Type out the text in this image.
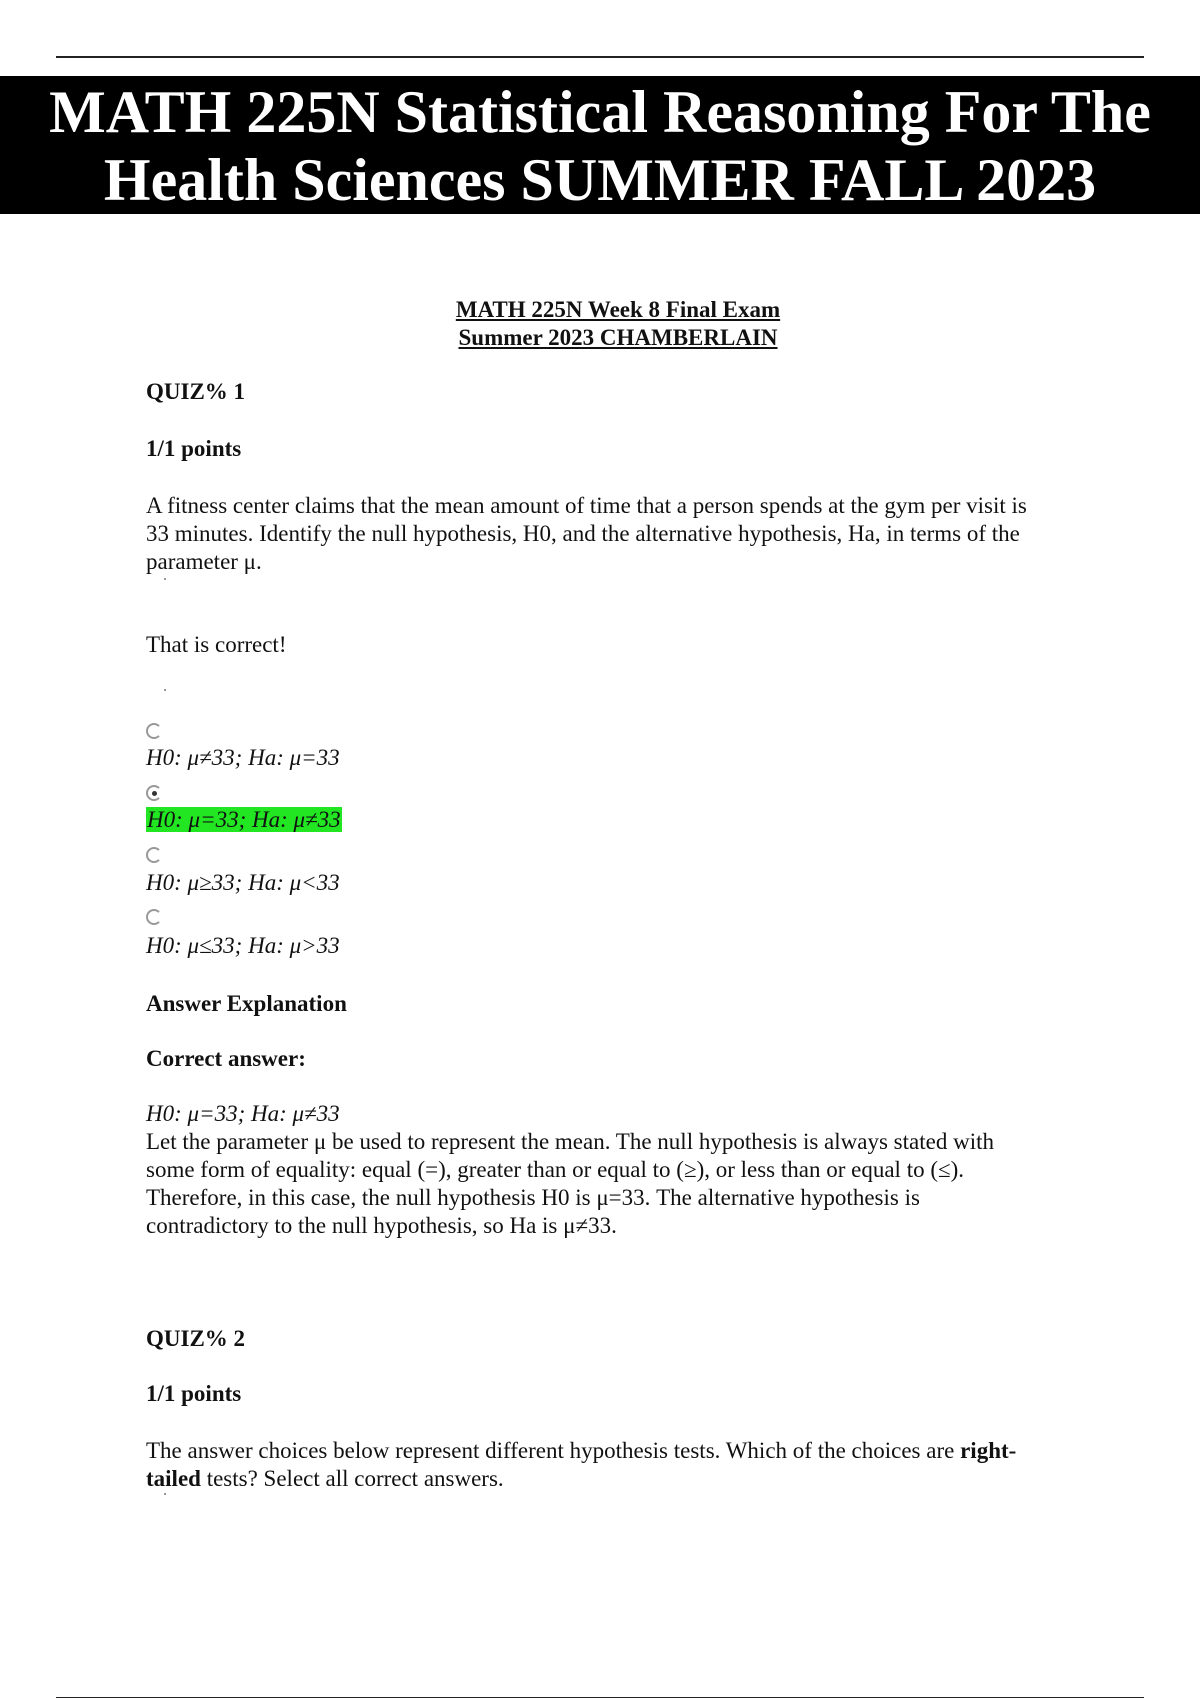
MATH 225N Statistical Reasoning For The
Health Sciences SUMMER FALL 2023
MATH 225N Week 8 Final Exam
Summer 2023 CHAMBERLAIN
QUIZ% 1
1/1 points
A fitness center claims that the mean amount of time that a person spends at the gym per visit is
33 minutes. Identify the null hypothesis, H0, and the alternative hypothesis, Ha, in terms of the
parameter μ.
That is correct!
H0: μ≠33; Ha: μ=33
H0: μ=33; Ha: μ≠33
H0: μ≥33; Ha: μ<33
H0: μ≤33; Ha: μ>33
Answer Explanation
Correct answer:
H0: μ=33; Ha: μ≠33
Let the parameter μ be used to represent the mean. The null hypothesis is always stated with
some form of equality: equal (=), greater than or equal to (≥), or less than or equal to (≤).
Therefore, in this case, the null hypothesis H0 is μ=33. The alternative hypothesis is
contradictory to the null hypothesis, so Ha is μ≠33.
QUIZ% 2
1/1 points
The answer choices below represent different hypothesis tests. Which of the choices are right-
tailed tests? Select all correct answers.
